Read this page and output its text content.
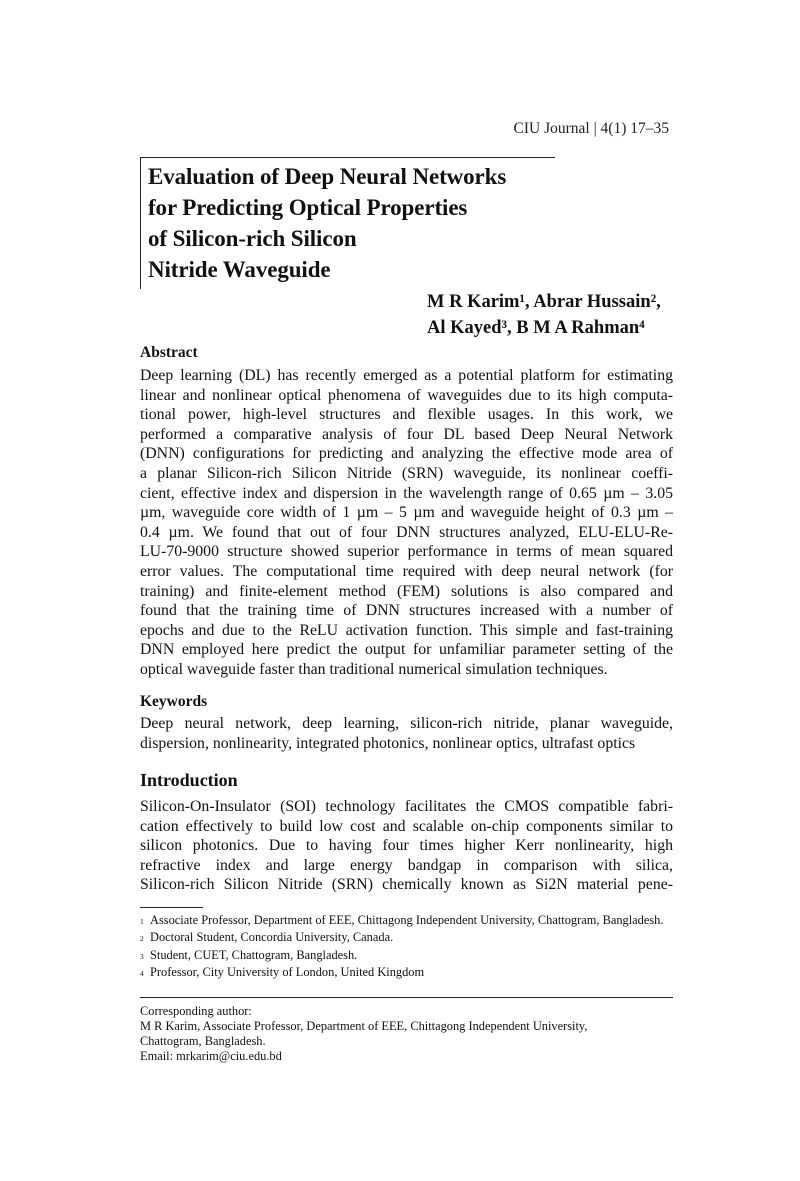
CIU Journal | 4(1) 17–35
Evaluation of Deep Neural Networks
for Predicting Optical Properties
of Silicon-rich Silicon
Nitride Waveguide
M R Karim¹, Abrar Hussain²,
Al Kayed³, B M A Rahman⁴
Abstract
Deep learning (DL) has recently emerged as a potential platform for estimating
linear and nonlinear optical phenomena of waveguides due to its high computa-
tional power, high-level structures and flexible usages. In this work, we
performed a comparative analysis of four DL based Deep Neural Network
(DNN) configurations for predicting and analyzing the effective mode area of
a planar Silicon-rich Silicon Nitride (SRN) waveguide, its nonlinear coeffi-
cient, effective index and dispersion in the wavelength range of 0.65 µm – 3.05
µm, waveguide core width of 1 µm – 5 µm and waveguide height of 0.3 µm –
0.4 µm. We found that out of four DNN structures analyzed, ELU-ELU-Re-
LU-70-9000 structure showed superior performance in terms of mean squared
error values. The computational time required with deep neural network (for
training) and finite-element method (FEM) solutions is also compared and
found that the training time of DNN structures increased with a number of
epochs and due to the ReLU activation function. This simple and fast-training
DNN employed here predict the output for unfamiliar parameter setting of the
optical waveguide faster than traditional numerical simulation techniques.
Keywords
Deep neural network, deep learning, silicon-rich nitride, planar waveguide,
dispersion, nonlinearity, integrated photonics, nonlinear optics, ultrafast optics
Introduction
Silicon-On-Insulator (SOI) technology facilitates the CMOS compatible fabri-
cation effectively to build low cost and scalable on-chip components similar to
silicon photonics. Due to having four times higher Kerr nonlinearity, high
refractive index and large energy bandgap in comparison with silica,
Silicon-rich Silicon Nitride (SRN) chemically known as Si2N material pene-
1 Associate Professor, Department of EEE, Chittagong Independent University, Chattogram, Bangladesh.
2 Doctoral Student, Concordia University, Canada.
3 Student, CUET, Chattogram, Bangladesh.
4 Professor, City University of London, United Kingdom
Corresponding author:
M R Karim, Associate Professor, Department of EEE, Chittagong Independent University,
Chattogram, Bangladesh.
Email: mrkarim@ciu.edu.bd
